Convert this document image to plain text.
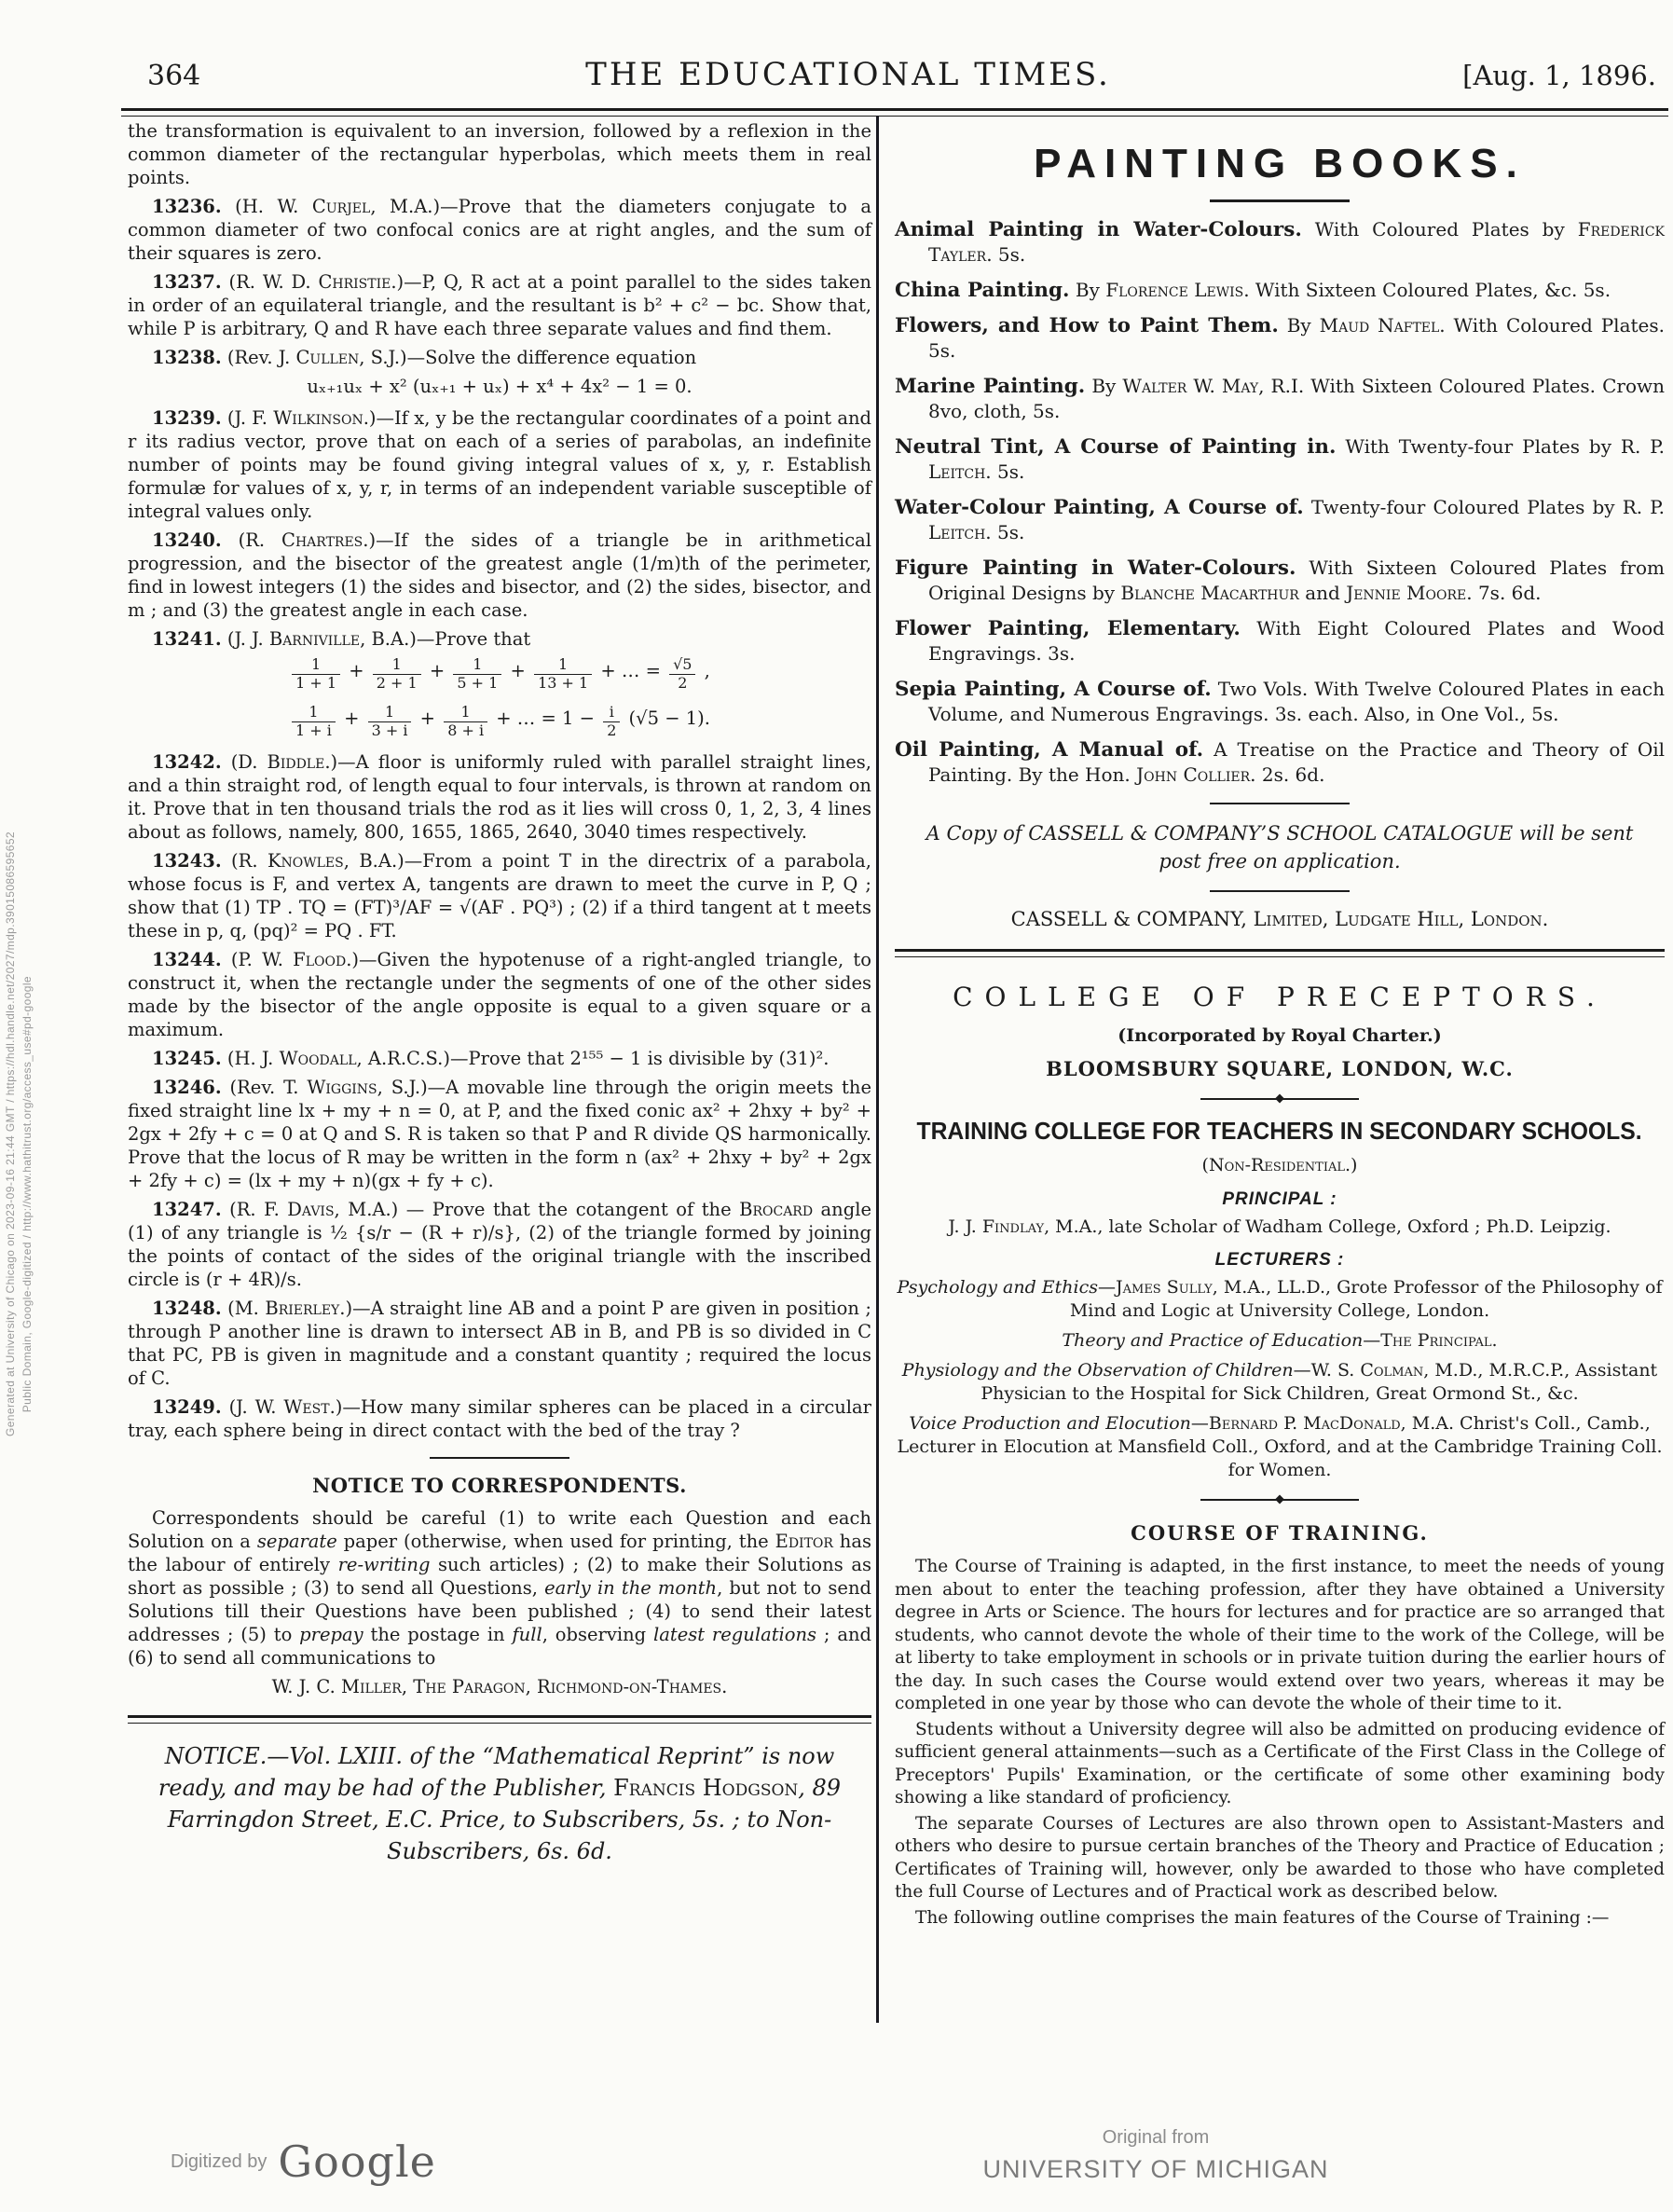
Generated at University of Chicago on 2023-09-16 21:44 GMT / https://hdl.handle.net/2027/mdp.39015086595652 Public Domain, Google-digitized / http://www.hathitrust.org/access_use#pd-google
364	THE EDUCATIONAL TIMES.	[Aug. 1, 1896.

the transformation is equivalent to an inversion, followed by a reflexion in the common diameter of the rectangular hyperbolas, which meets them in real points.

13236. (H. W. Curjel, M.A.)—Prove that the diameters conjugate to a common diameter of two confocal conics are at right angles, and the sum of their squares is zero.

13237. (R. W. D. Christie.)—P, Q, R act at a point parallel to the sides taken in order of an equilateral triangle, and the resultant is b² + c² − bc. Show that, while P is arbitrary, Q and R have each three separate values and find them.

13238. (Rev. J. Cullen, S.J.)—Solve the difference equation

uₓ₊₁uₓ + x² (uₓ₊₁ + uₓ) + x⁴ + 4x² − 1 = 0.

13239. (J. F. Wilkinson.)—If x, y be the rectangular coordinates of a point and r its radius vector, prove that on each of a series of parabolas, an indefinite number of points may be found giving integral values of x, y, r. Establish formulæ for values of x, y, r, in terms of an independent variable susceptible of integral values only.

13240. (R. Chartres.)—If the sides of a triangle be in arithmetical progression, and the bisector of the greatest angle (1/m)th of the perimeter, find in lowest integers (1) the sides and bisector, and (2) the sides, bisector, and m ; and (3) the greatest angle in each case.

13241. (J. J. Barniville, B.A.)—Prove that

$\frac{1}{1 + 1} + \frac{1}{2 + 1} + \frac{1}{5 + 1} + \frac{1}{13 + 1}$ + … = $\frac{√5}{2}$ ,
$\frac{1}{1 + i} + \frac{1}{3 + i} + \frac{1}{8 + i}$ + … = $1 - \frac{i}{2} (√5 - 1)$.

13242. (D. Biddle.)—A floor is uniformly ruled with parallel straight lines, and a thin straight rod, of length equal to four intervals, is thrown at random on it. Prove that in ten thousand trials the rod as it lies will cross 0, 1, 2, 3, 4 lines about as follows, namely, 800, 1655, 1865, 2640, 3040 times respectively.

13243. (R. Knowles, B.A.)—From a point T in the directrix of a parabola, whose focus is F, and vertex A, tangents are drawn to meet the curve in P, Q ; show that (1) TP . TQ = (FT)³/AF = √(AF . PQ³) ; (2) if a third tangent at t meets these in p, q, (pq)² = PQ . FT.

13244. (P. W. Flood.)—Given the hypotenuse of a right-angled triangle, to construct it, when the rectangle under the segments of one of the other sides made by the bisector of the angle opposite is equal to a given square or a maximum.

13245. (H. J. Woodall, A.R.C.S.)—Prove that 2¹⁵⁵ − 1 is divisible by (31)².

13246. (Rev. T. Wiggins, S.J.)—A movable line through the origin meets the fixed straight line lx + my + n = 0, at P, and the fixed conic ax² + 2hxy + by² + 2gx + 2fy + c = 0 at Q and S. R is taken so that P and R divide QS harmonically. Prove that the locus of R may be written in the form n (ax² + 2hxy + by² + 2gx + 2fy + c) = (lx + my + n)(gx + fy + c).

13247. (R. F. Davis, M.A.) — Prove that the cotangent of the Brocard angle (1) of any triangle is ½ {s/r − (R + r)/s}, (2) of the triangle formed by joining the points of contact of the sides of the original triangle with the inscribed circle is (r + 4R)/s.

13248. (M. Brierley.)—A straight line AB and a point P are given in position ; through P another line is drawn to intersect AB in B, and PB is so divided in C that PC, PB is given in magnitude and a constant quantity ; required the locus of C.

13249. (J. W. West.)—How many similar spheres can be placed in a circular tray, each sphere being in direct contact with the bed of the tray ?

NOTICE TO CORRESPONDENTS.

Correspondents should be careful (1) to write each Question and each Solution on a separate paper (otherwise, when used for printing, the Editor has the labour of entirely re-writing such articles) ; (2) to make their Solutions as short as possible ; (3) to send all Questions, early in the month, but not to send Solutions till their Questions have been published ; (4) to send their latest addresses ; (5) to prepay the postage in full, observing latest regulations ; and (6) to send all communications to

W. J. C. Miller, The Paragon, Richmond-on-Thames.

NOTICE.—Vol. LXIII. of the “Mathematical Reprint” is now ready, and may be had of the Publisher, Francis Hodgson, 89 Farringdon Street, E.C. Price, to Subscribers, 5s. ; to Non-Subscribers, 6s. 6d.
PAINTING BOOKS.
Animal Painting in Water-Colours. With Coloured Plates by Frederick Tayler. 5s.
China Painting. By Florence Lewis. With Sixteen Coloured Plates, &c. 5s.
Flowers, and How to Paint Them. By Maud Naftel. With Coloured Plates. 5s.
Marine Painting. By Walter W. May, R.I. With Sixteen Coloured Plates. Crown 8vo, cloth, 5s.
Neutral Tint, A Course of Painting in. With Twenty-four Plates by R. P. Leitch. 5s.
Water-Colour Painting, A Course of. Twenty-four Coloured Plates by R. P. Leitch. 5s.
Figure Painting in Water-Colours. With Sixteen Coloured Plates from Original Designs by Blanche Macarthur and Jennie Moore. 7s. 6d.
Flower Painting, Elementary. With Eight Coloured Plates and Wood Engravings. 3s.
Sepia Painting, A Course of. Two Vols. With Twelve Coloured Plates in each Volume, and Numerous Engravings. 3s. each. Also, in One Vol., 5s.
Oil Painting, A Manual of. A Treatise on the Practice and Theory of Oil Painting. By the Hon. John Collier. 2s. 6d.

A Copy of CASSELL & COMPANY’S SCHOOL CATALOGUE will be sent post free on application.

CASSELL & COMPANY, Limited, Ludgate Hill, London.

COLLEGE OF PRECEPTORS.

(Incorporated by Royal Charter.)

BLOOMSBURY SQUARE, LONDON, W.C.

TRAINING COLLEGE FOR TEACHERS IN SECONDARY SCHOOLS.

(Non-Residential.)

PRINCIPAL :

J. J. Findlay, M.A., late Scholar of Wadham College, Oxford ; Ph.D. Leipzig.

LECTURERS :

Psychology and Ethics—James Sully, M.A., LL.D., Grote Professor of the Philosophy of Mind and Logic at University College, London.
Theory and Practice of Education—The Principal.
Physiology and the Observation of Children—W. S. Colman, M.D., M.R.C.P., Assistant Physician to the Hospital for Sick Children, Great Ormond St., &c.
Voice Production and Elocution—Bernard P. MacDonald, M.A. Christ's Coll., Camb., Lecturer in Elocution at Mansfield Coll., Oxford, and at the Cambridge Training Coll. for Women.
COURSE OF TRAINING.

The Course of Training is adapted, in the first instance, to meet the needs of young men about to enter the teaching profession, after they have obtained a University degree in Arts or Science. The hours for lectures and for practice are so arranged that students, who cannot devote the whole of their time to the work of the College, will be at liberty to take employment in schools or in private tuition during the earlier hours of the day. In such cases the Course would extend over two years, whereas it may be completed in one year by those who can devote the whole of their time to it.

Students without a University degree will also be admitted on producing evidence of sufficient general attainments—such as a Certificate of the First Class in the College of Preceptors' Pupils' Examination, or the certificate of some other examining body showing a like standard of proficiency.

The separate Courses of Lectures are also thrown open to Assistant-Masters and others who desire to pursue certain branches of the Theory and Practice of Education ; Certificates of Training will, however, only be awarded to those who have completed the full Course of Lectures and of Practical work as described below.

The following outline comprises the main features of the Course of Training :—

Digitized by Google	Original from
UNIVERSITY OF MICHIGAN
